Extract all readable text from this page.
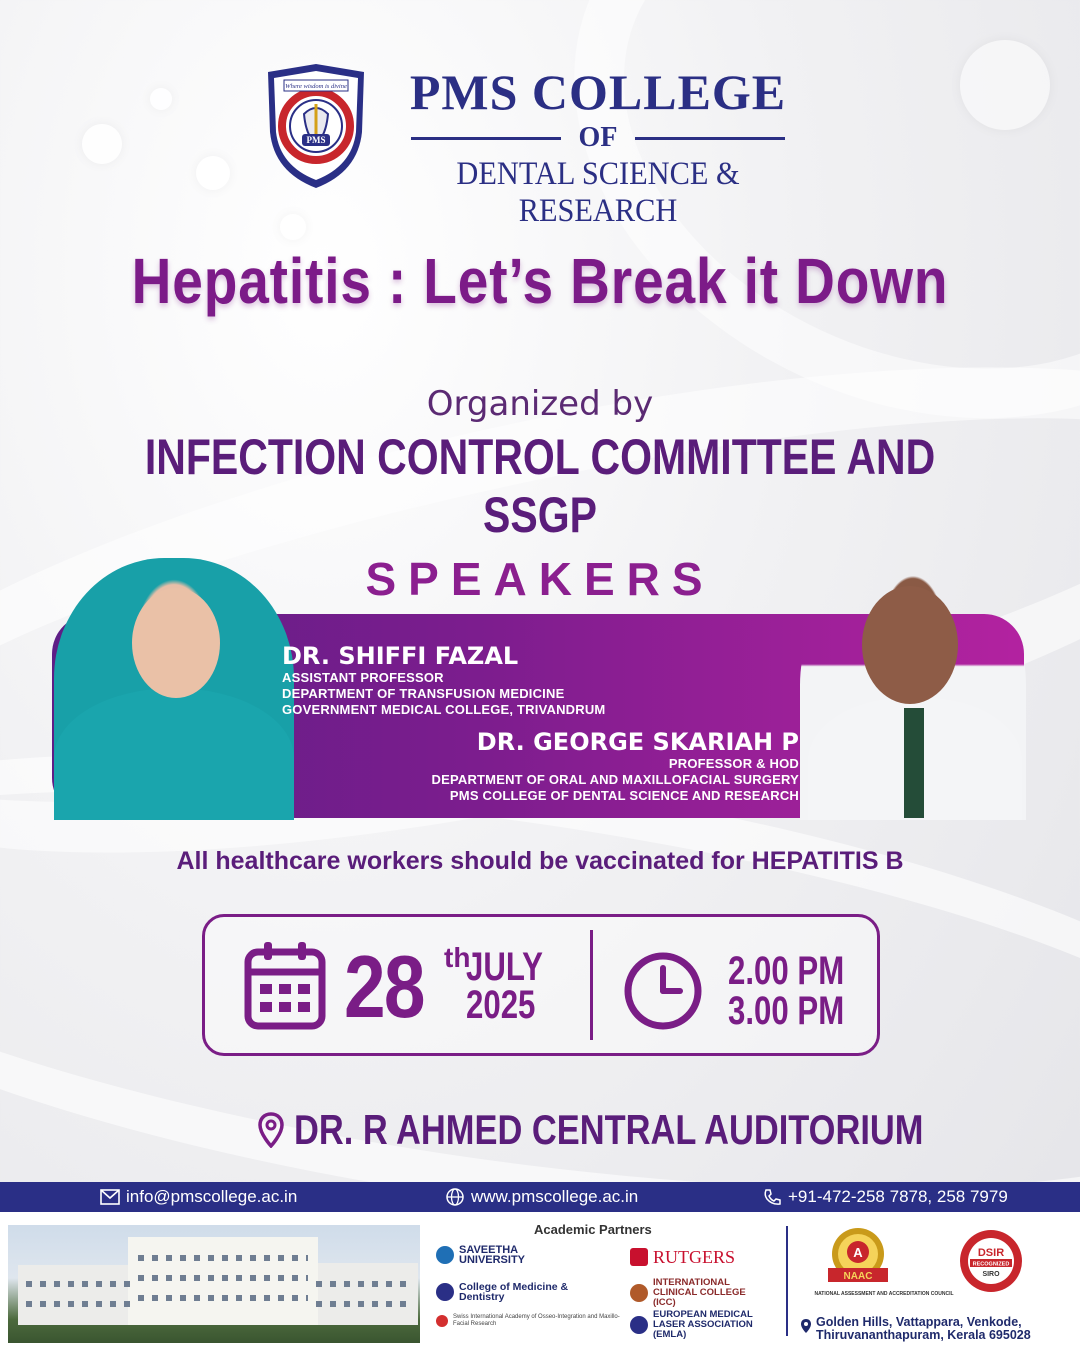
PMS
Where wisdom is divine	PMS COLLEGE
OF
DENTAL SCIENCE & RESEARCH
Hepatitis : Let’s Break it Down
Organized by
INFECTION CONTROL COMMITTEE AND SSGP
SPEAKERS
DR. SHIFFI FAZAL
ASSISTANT PROFESSOR
DEPARTMENT OF TRANSFUSION MEDICINE
GOVERNMENT MEDICAL COLLEGE, TRIVANDRUM
DR. GEORGE SKARIAH P
PROFESSOR & HOD
DEPARTMENT OF ORAL AND MAXILLOFACIAL SURGERY
PMS COLLEGE OF DENTAL SCIENCE AND RESEARCH
All healthcare workers should be vaccinated for HEPATITIS B
28 th
JULY
2025
2.00 PM
3.00 PM
DR. R AHMED CENTRAL AUDITORIUM
info@pmscollege.ac.in	www.pmscollege.ac.in	+91-472-258 7878, 258 7979
Academic Partners
SAVEETHA UNIVERSITY	RUTGERS
College of Medicine & Dentistry
INTERNATIONAL CLINICAL COLLEGE (ICC)
Swiss International Academy of Osseo-Integration and Maxillo-Facial Research
EUROPEAN MEDICAL LASER ASSOCIATION (EMLA)
A
NAAC
NATIONAL ASSESSMENT AND ACCREDITATION COUNCIL
DSIR
RECOGNIZED
SIRO
Golden Hills, Vattappara, Venkode,
Thiruvananthapuram, Kerala 695028
